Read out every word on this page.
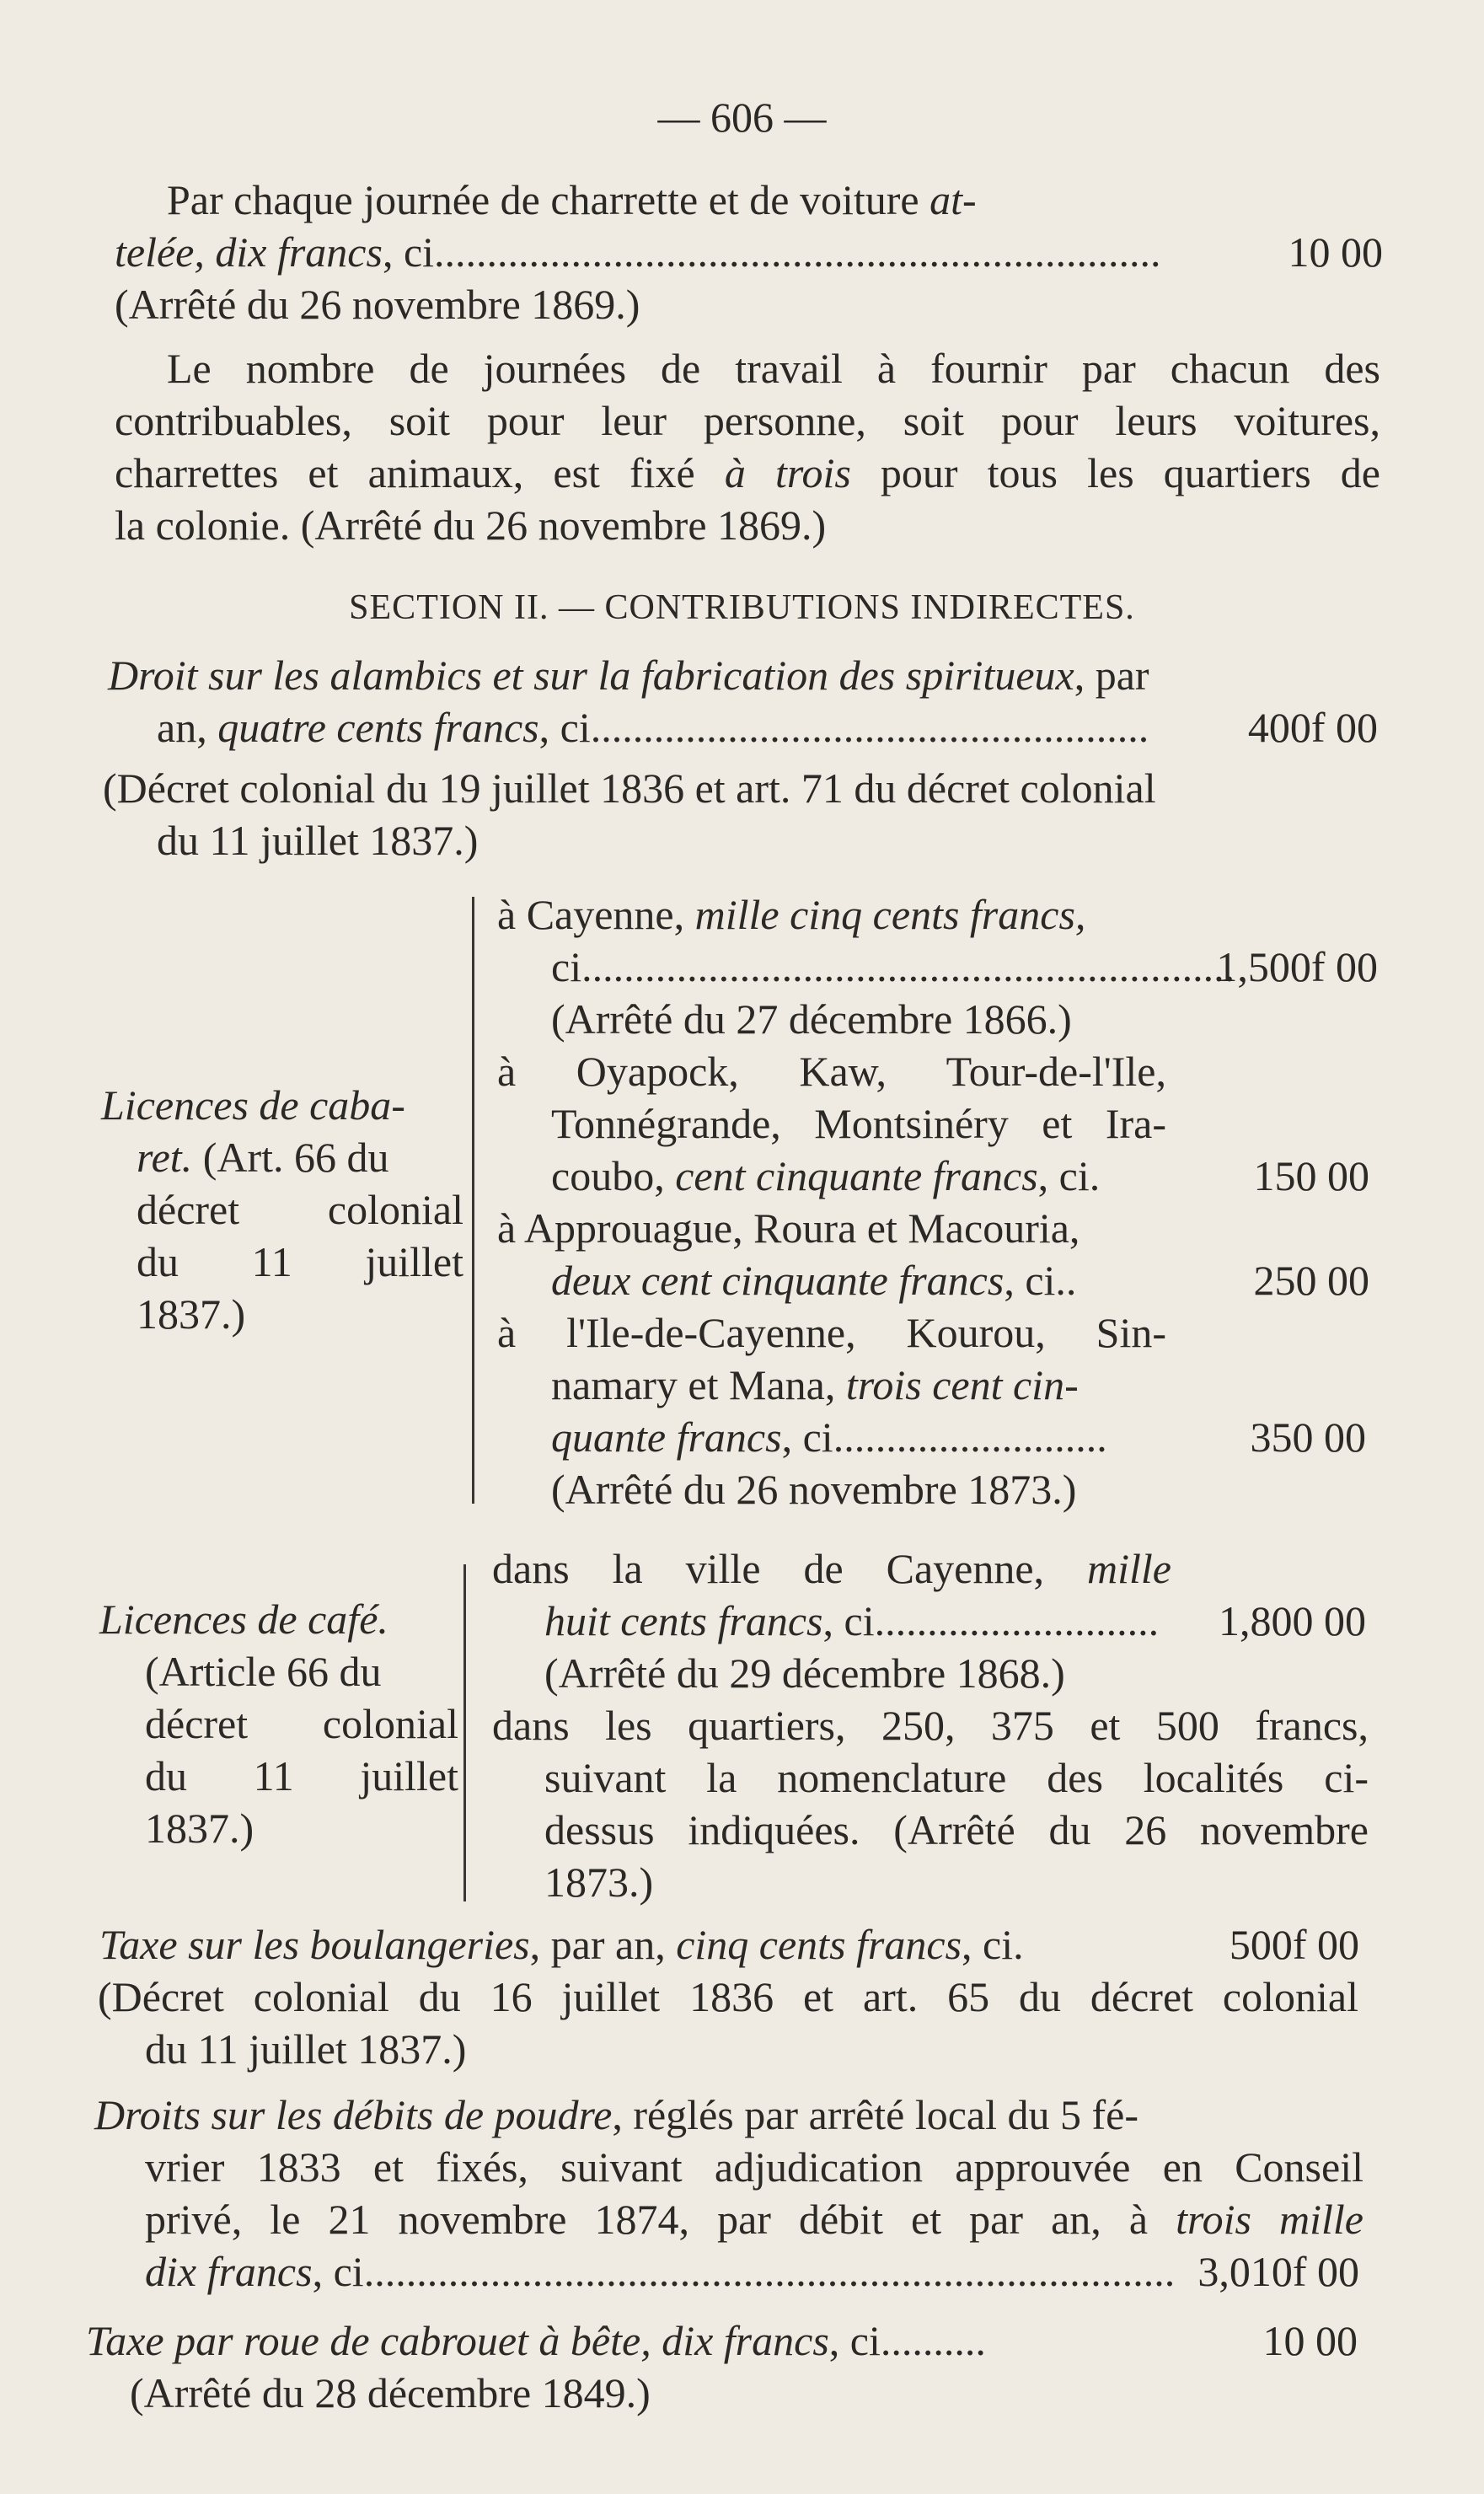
— 606 —
Par chaque journée de charrette et de voiture at-
telée, dix francs, ci.....................................................................	10 00
(Arrêté du 26 novembre 1869.)
Le nombre de journées de travail à fournir par chacun des
contribuables, soit pour leur personne, soit pour leurs voitures,
charrettes et animaux, est fixé à trois pour tous les quartiers de
la colonie. (Arrêté du 26 novembre 1869.)
SECTION II. — CONTRIBUTIONS INDIRECTES.
Droit sur les alambics et sur la fabrication des spiritueux, par
an, quatre cents francs, ci..................................................... 400f 00
(Décret colonial du 19 juillet 1836 et art. 71 du décret colonial
du 11 juillet 1837.)
Licences de caba-
ret. (Art. 66 du
décret colonial
du 11 juillet
1837.)
à Cayenne, mille cinq cents francs,
ci..............................................................
1,500f 00
(Arrêté du 27 décembre 1866.)
à Oyapock, Kaw, Tour-de-l'Ile,
Tonnégrande, Montsinéry et Ira-
coubo, cent cinquante francs, ci.	150 00
à Approuague, Roura et Macouria,
deux cent cinquante francs, ci..	250 00
à l'Ile-de-Cayenne, Kourou, Sin-
namary et Mana, trois cent cin-
quante francs, ci..........................	350 00
(Arrêté du 26 novembre 1873.)
Licences de café.
(Article 66 du
décret colonial
du 11 juillet
1837.)
dans la ville de Cayenne, mille
huit cents francs, ci........................... 1,800 00
(Arrêté du 29 décembre 1868.)
dans les quartiers, 250, 375 et 500 francs,
suivant la nomenclature des localités ci-
dessus indiquées. (Arrêté du 26 novembre
1873.)
Taxe sur les boulangeries, par an, cinq cents francs, ci.	500f 00
(Décret colonial du 16 juillet 1836 et art. 65 du décret colonial
du 11 juillet 1837.)
Droits sur les débits de poudre, réglés par arrêté local du 5 fé-
vrier 1833 et fixés, suivant adjudication approuvée en Conseil
privé, le 21 novembre 1874, par débit et par an, à trois mille
dix francs, ci............................................................................. 3,010f 00
Taxe par roue de cabrouet à bête, dix francs, ci..........	10 00
(Arrêté du 28 décembre 1849.)
